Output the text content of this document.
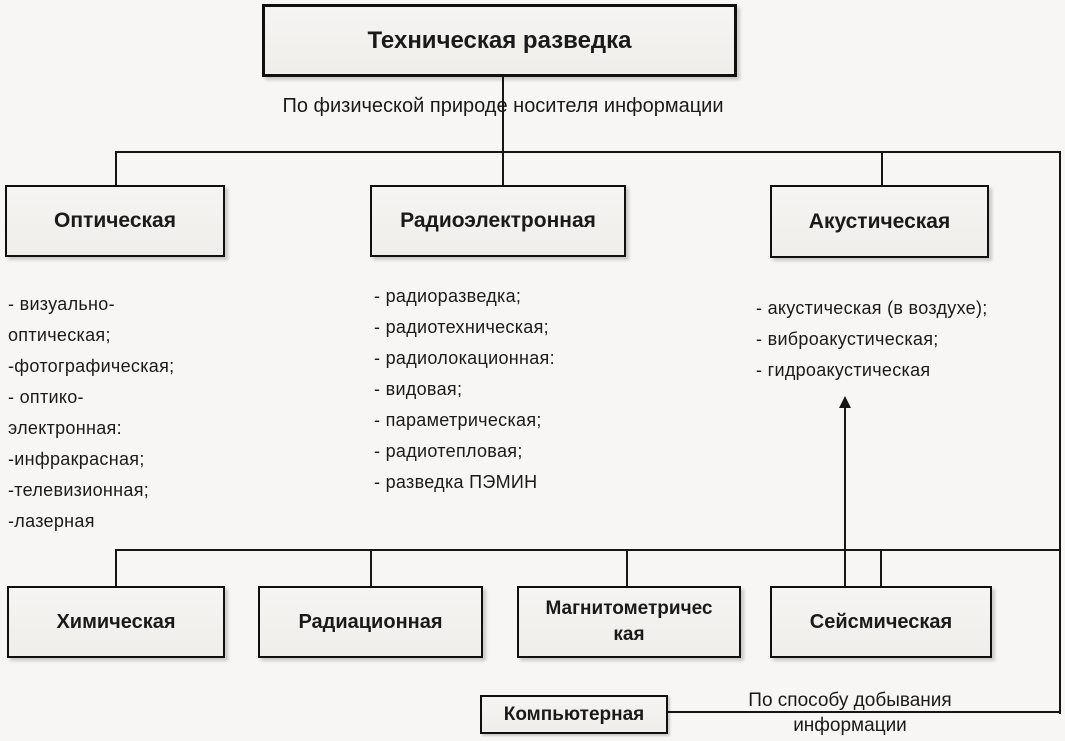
Техническая разведка
По физической природе носителя информации
Оптическая	Радиоэлектронная	Акустическая
- визуально-
оптическая;
-фотографическая;
- оптико-
электронная:
-инфракрасная;
-телевизионная;
-лазерная
- радиоразведка;
- радиотехническая;
- радиолокационная:
- видовая;
- параметрическая;
- радиотепловая;
- разведка ПЭМИН
- акустическая (в воздухе);
- виброакустическая;
- гидроакустическая
Химическая	Радиационная
Магнитометричес
кая
Сейсмическая
Компьютерная
По способу добывания
информации
